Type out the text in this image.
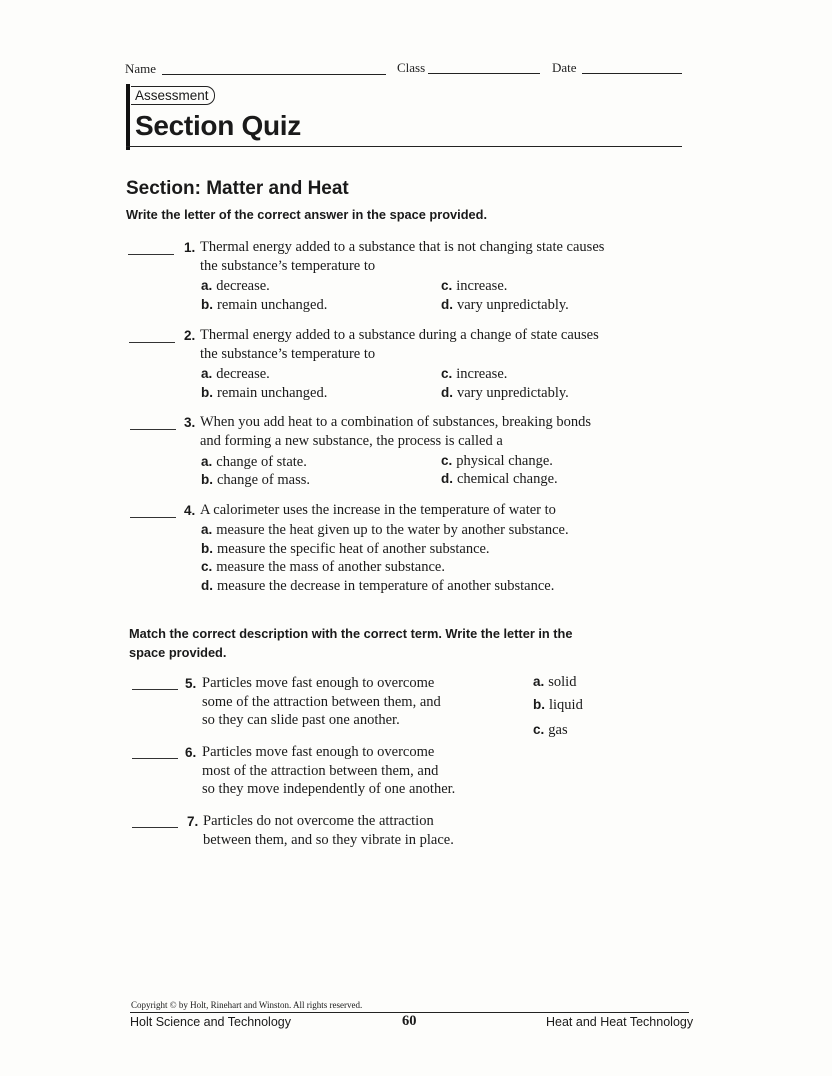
Name	Class	Date
Assessment
Section Quiz
Section: Matter and Heat
Write the letter of the correct answer in the space provided.
1. Thermal energy added to a substance that is not changing state causes
the substance’s temperature to
a. decrease.
b. remain unchanged.
c. increase.
d. vary unpredictably.
2. Thermal energy added to a substance during a change of state causes
the substance’s temperature to
a. decrease.
b. remain unchanged.
c. increase.
d. vary unpredictably.
3. When you add heat to a combination of substances, breaking bonds
and forming a new substance, the process is called a
a. change of state.
b. change of mass.
c. physical change.
d. chemical change.
4. A calorimeter uses the increase in the temperature of water to
a. measure the heat given up to the water by another substance.
b. measure the specific heat of another substance.
c. measure the mass of another substance.
d. measure the decrease in temperature of another substance.
Match the correct description with the correct term. Write the letter in the
space provided.
5. Particles move fast enough to overcome
some of the attraction between them, and
so they can slide past one another.
6. Particles move fast enough to overcome
most of the attraction between them, and
so they move independently of one another.
7. Particles do not overcome the attraction
between them, and so they vibrate in place.
a. solid
b. liquid
c. gas
Copyright © by Holt, Rinehart and Winston. All rights reserved.
Holt Science and Technology	60	Heat and Heat Technology
